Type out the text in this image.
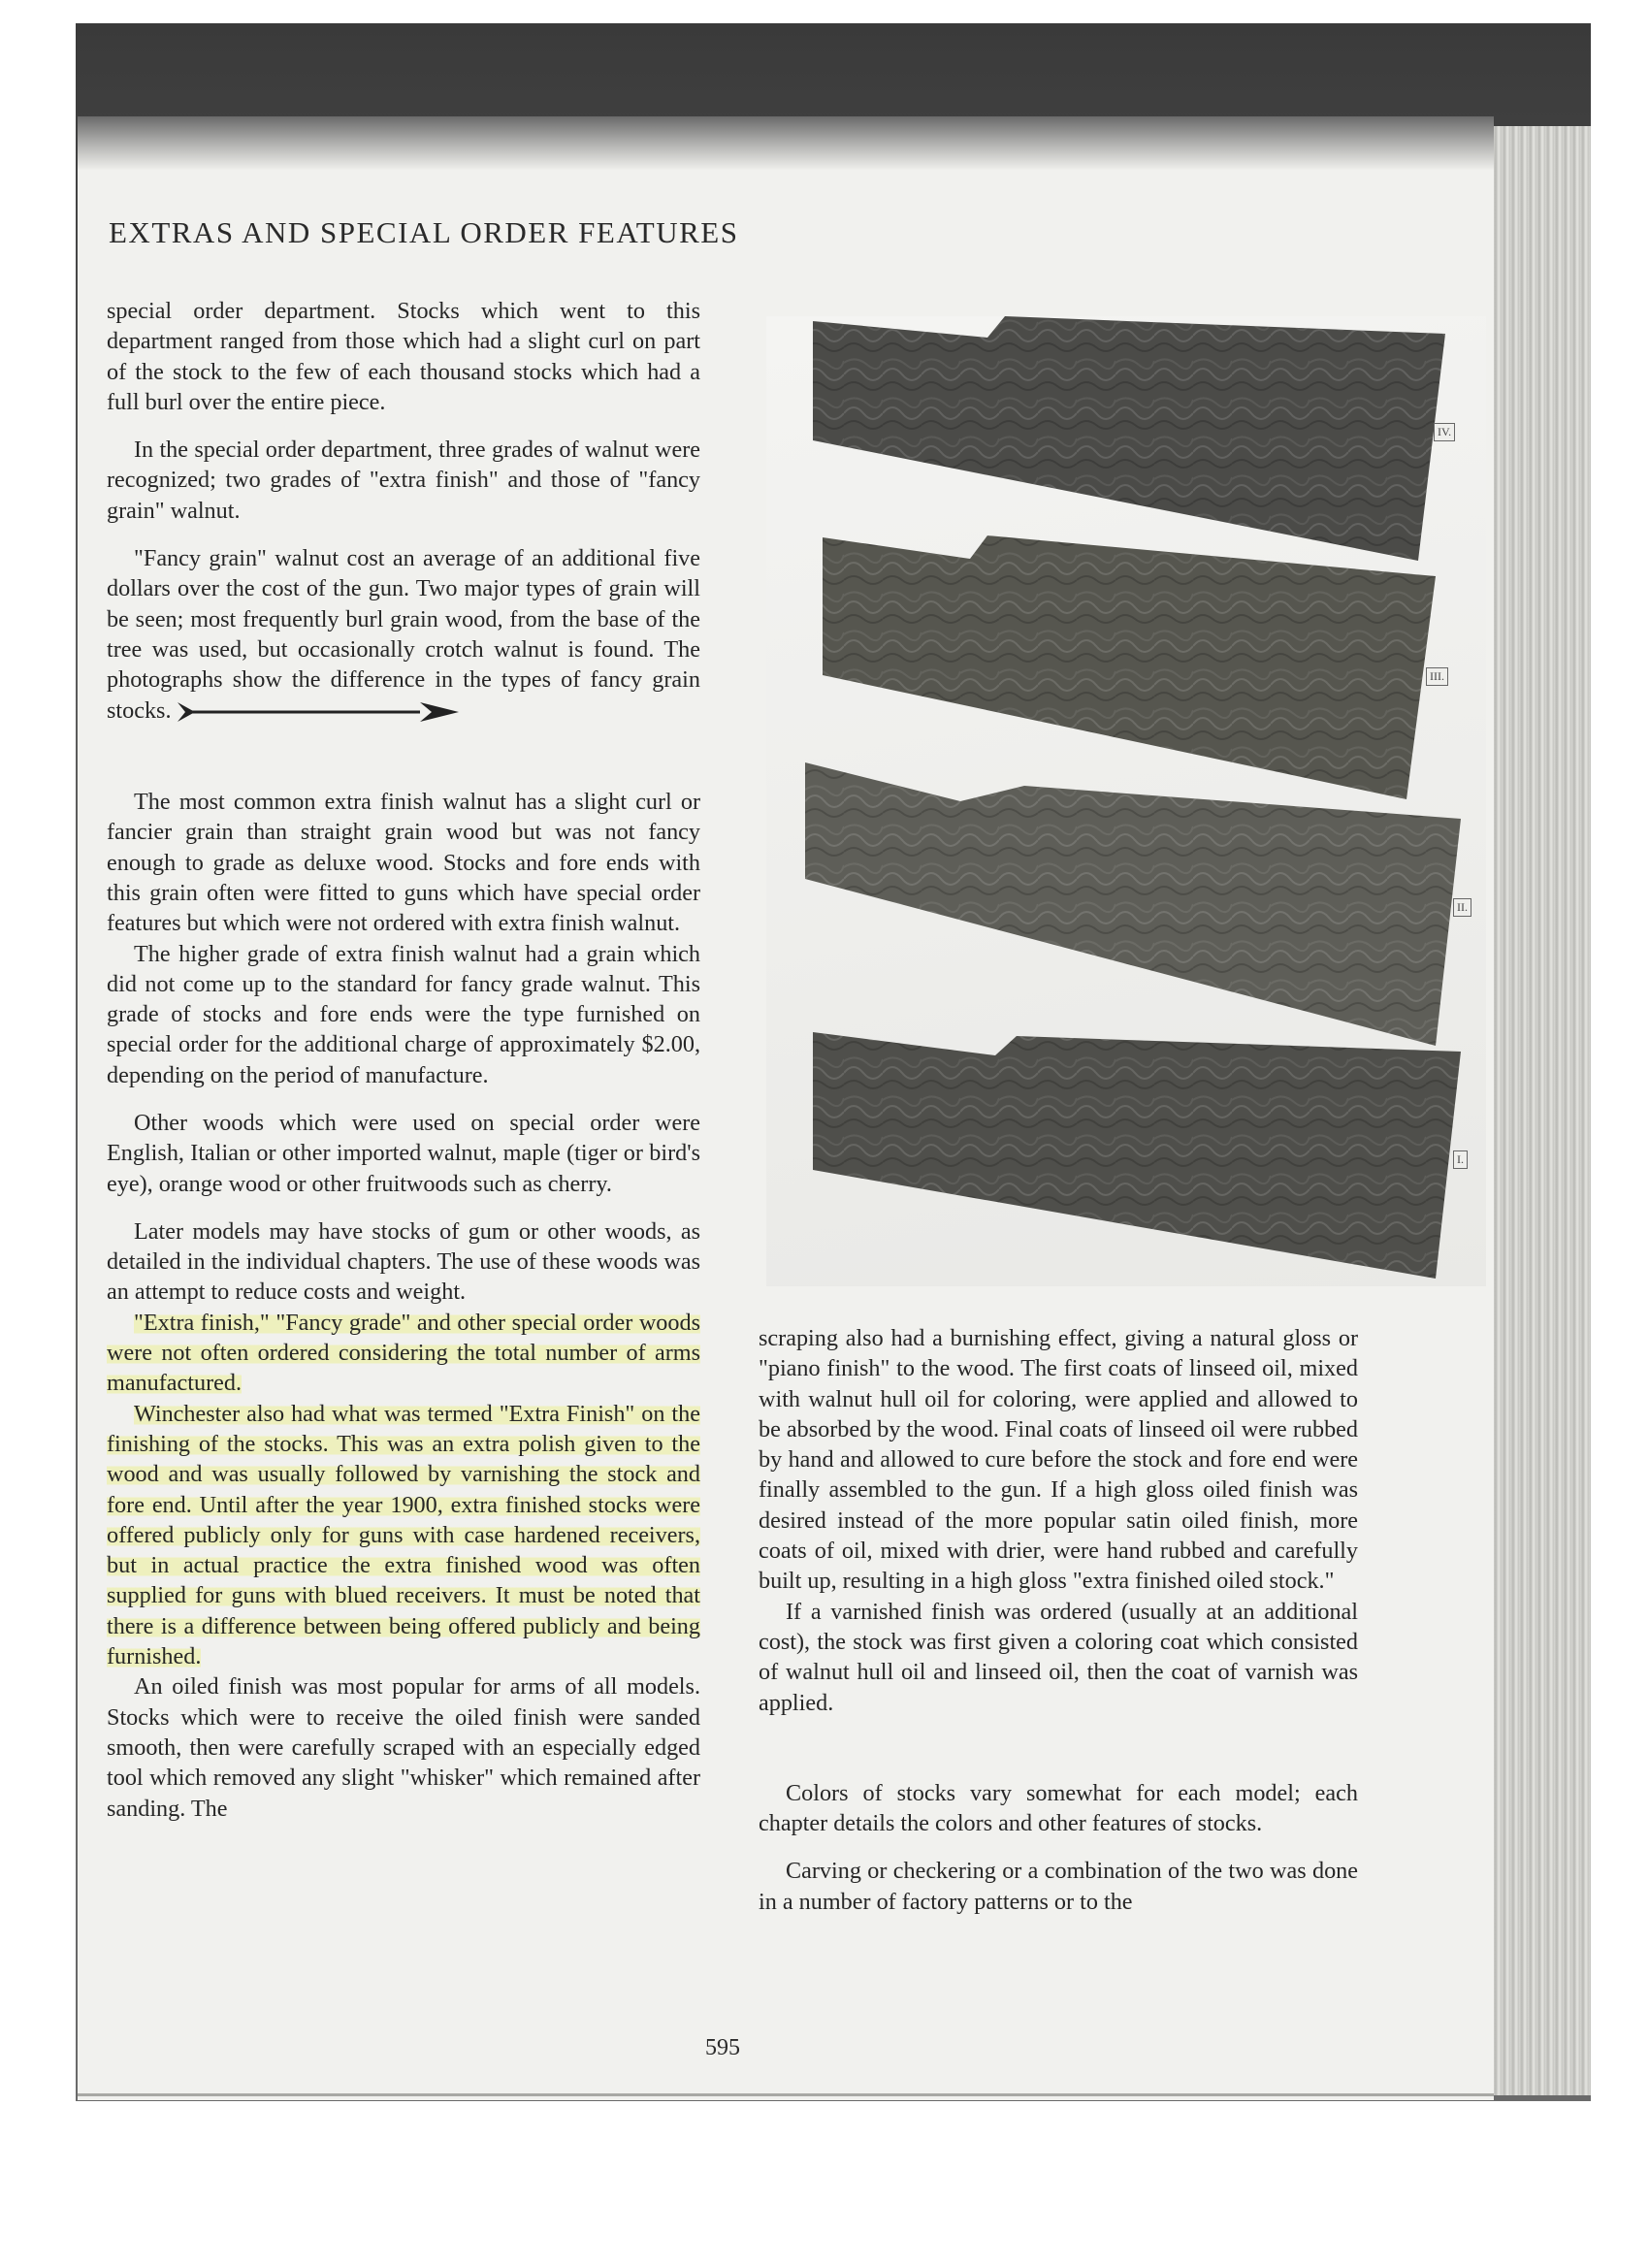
EXTRAS AND SPECIAL ORDER FEATURES

special order department. Stocks which went to this department ranged from those which had a slight curl on part of the stock to the few of each thousand stocks which had a full burl over the entire piece.

In the special order department, three grades of walnut were recognized; two grades of "extra finish" and those of "fancy grain" walnut.

"Fancy grain" walnut cost an average of an additional five dollars over the cost of the gun. Two major types of grain will be seen; most frequently burl grain wood, from the base of the tree was used, but occasionally crotch walnut is found. The photographs show the difference in the types of fancy grain stocks.

The most common extra finish walnut has a slight curl or fancier grain than straight grain wood but was not fancy enough to grade as deluxe wood. Stocks and fore ends with this grain often were fitted to guns which have special order features but which were not ordered with extra finish walnut.

The higher grade of extra finish walnut had a grain which did not come up to the standard for fancy grade walnut. This grade of stocks and fore ends were the type furnished on special order for the additional charge of approximately $2.00, depending on the period of manufacture.

Other woods which were used on special order were English, Italian or other imported walnut, maple (tiger or bird's eye), orange wood or other fruitwoods such as cherry.

Later models may have stocks of gum or other woods, as detailed in the individual chapters. The use of these woods was an attempt to reduce costs and weight.

"Extra finish," "Fancy grade" and other special order woods were not often ordered considering the total number of arms manufactured.

Winchester also had what was termed "Extra Finish" on the finishing of the stocks. This was an extra polish given to the wood and was usually followed by varnishing the stock and fore end. Until after the year 1900, extra finished stocks were offered publicly only for guns with case hardened receivers, but in actual practice the extra finished wood was often supplied for guns with blued receivers. It must be noted that there is a difference between being offered publicly and being furnished.

An oiled finish was most popular for arms of all models. Stocks which were to receive the oiled finish were sanded smooth, then were carefully scraped with an especially edged tool which removed any slight "whisker" which remained after sanding. The

IV.
III.
II.
I.

scraping also had a burnishing effect, giving a natural gloss or "piano finish" to the wood. The first coats of linseed oil, mixed with walnut hull oil for coloring, were applied and allowed to be absorbed by the wood. Final coats of linseed oil were rubbed by hand and allowed to cure before the stock and fore end were finally assembled to the gun. If a high gloss oiled finish was desired instead of the more popular satin oiled finish, more coats of oil, mixed with drier, were hand rubbed and carefully built up, resulting in a high gloss "extra finished oiled stock."

If a varnished finish was ordered (usually at an additional cost), the stock was first given a coloring coat which consisted of walnut hull oil and linseed oil, then the coat of varnish was applied.

Colors of stocks vary somewhat for each model; each chapter details the colors and other features of stocks.

Carving or checkering or a combination of the two was done in a number of factory patterns or to the

595
